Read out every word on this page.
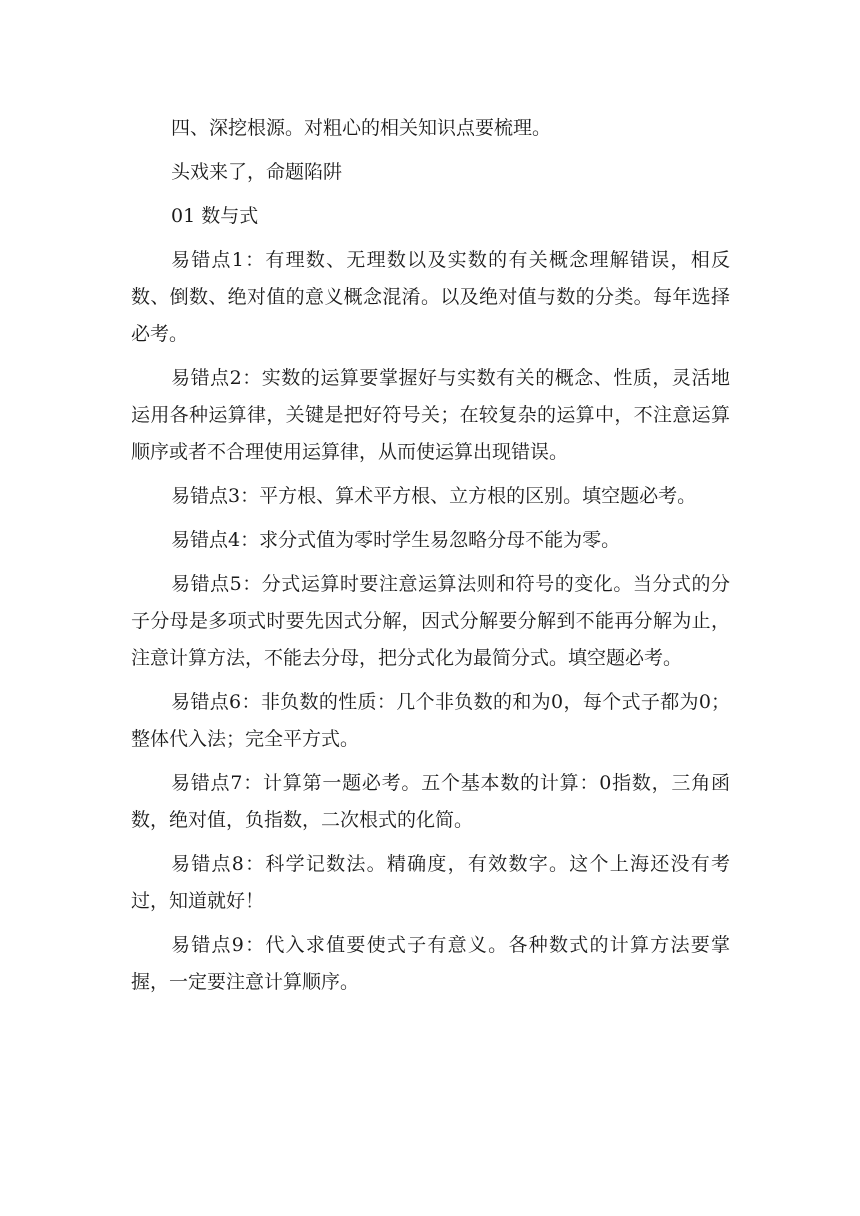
四、深挖根源。对粗心的相关知识点要梳理。

头戏来了，命题陷阱

01 数与式

易错点1：有理数、无理数以及实数的有关概念理解错误，相反数、倒数、绝对值的意义概念混淆。以及绝对值与数的分类。每年选择必考。

易错点2：实数的运算要掌握好与实数有关的概念、性质，灵活地运用各种运算律，关键是把好符号关；在较复杂的运算中，不注意运算顺序或者不合理使用运算律，从而使运算出现错误。

易错点3：平方根、算术平方根、立方根的区别。填空题必考。

易错点4：求分式值为零时学生易忽略分母不能为零。

易错点5：分式运算时要注意运算法则和符号的变化。当分式的分子分母是多项式时要先因式分解，因式分解要分解到不能再分解为止，注意计算方法，不能去分母，把分式化为最简分式。填空题必考。

易错点6：非负数的性质：几个非负数的和为0，每个式子都为0；整体代入法；完全平方式。

易错点7：计算第一题必考。五个基本数的计算：0指数，三角函数，绝对值，负指数，二次根式的化简。

易错点8：科学记数法。精确度，有效数字。这个上海还没有考过，知道就好！

易错点9：代入求值要使式子有意义。各种数式的计算方法要掌握，一定要注意计算顺序。
